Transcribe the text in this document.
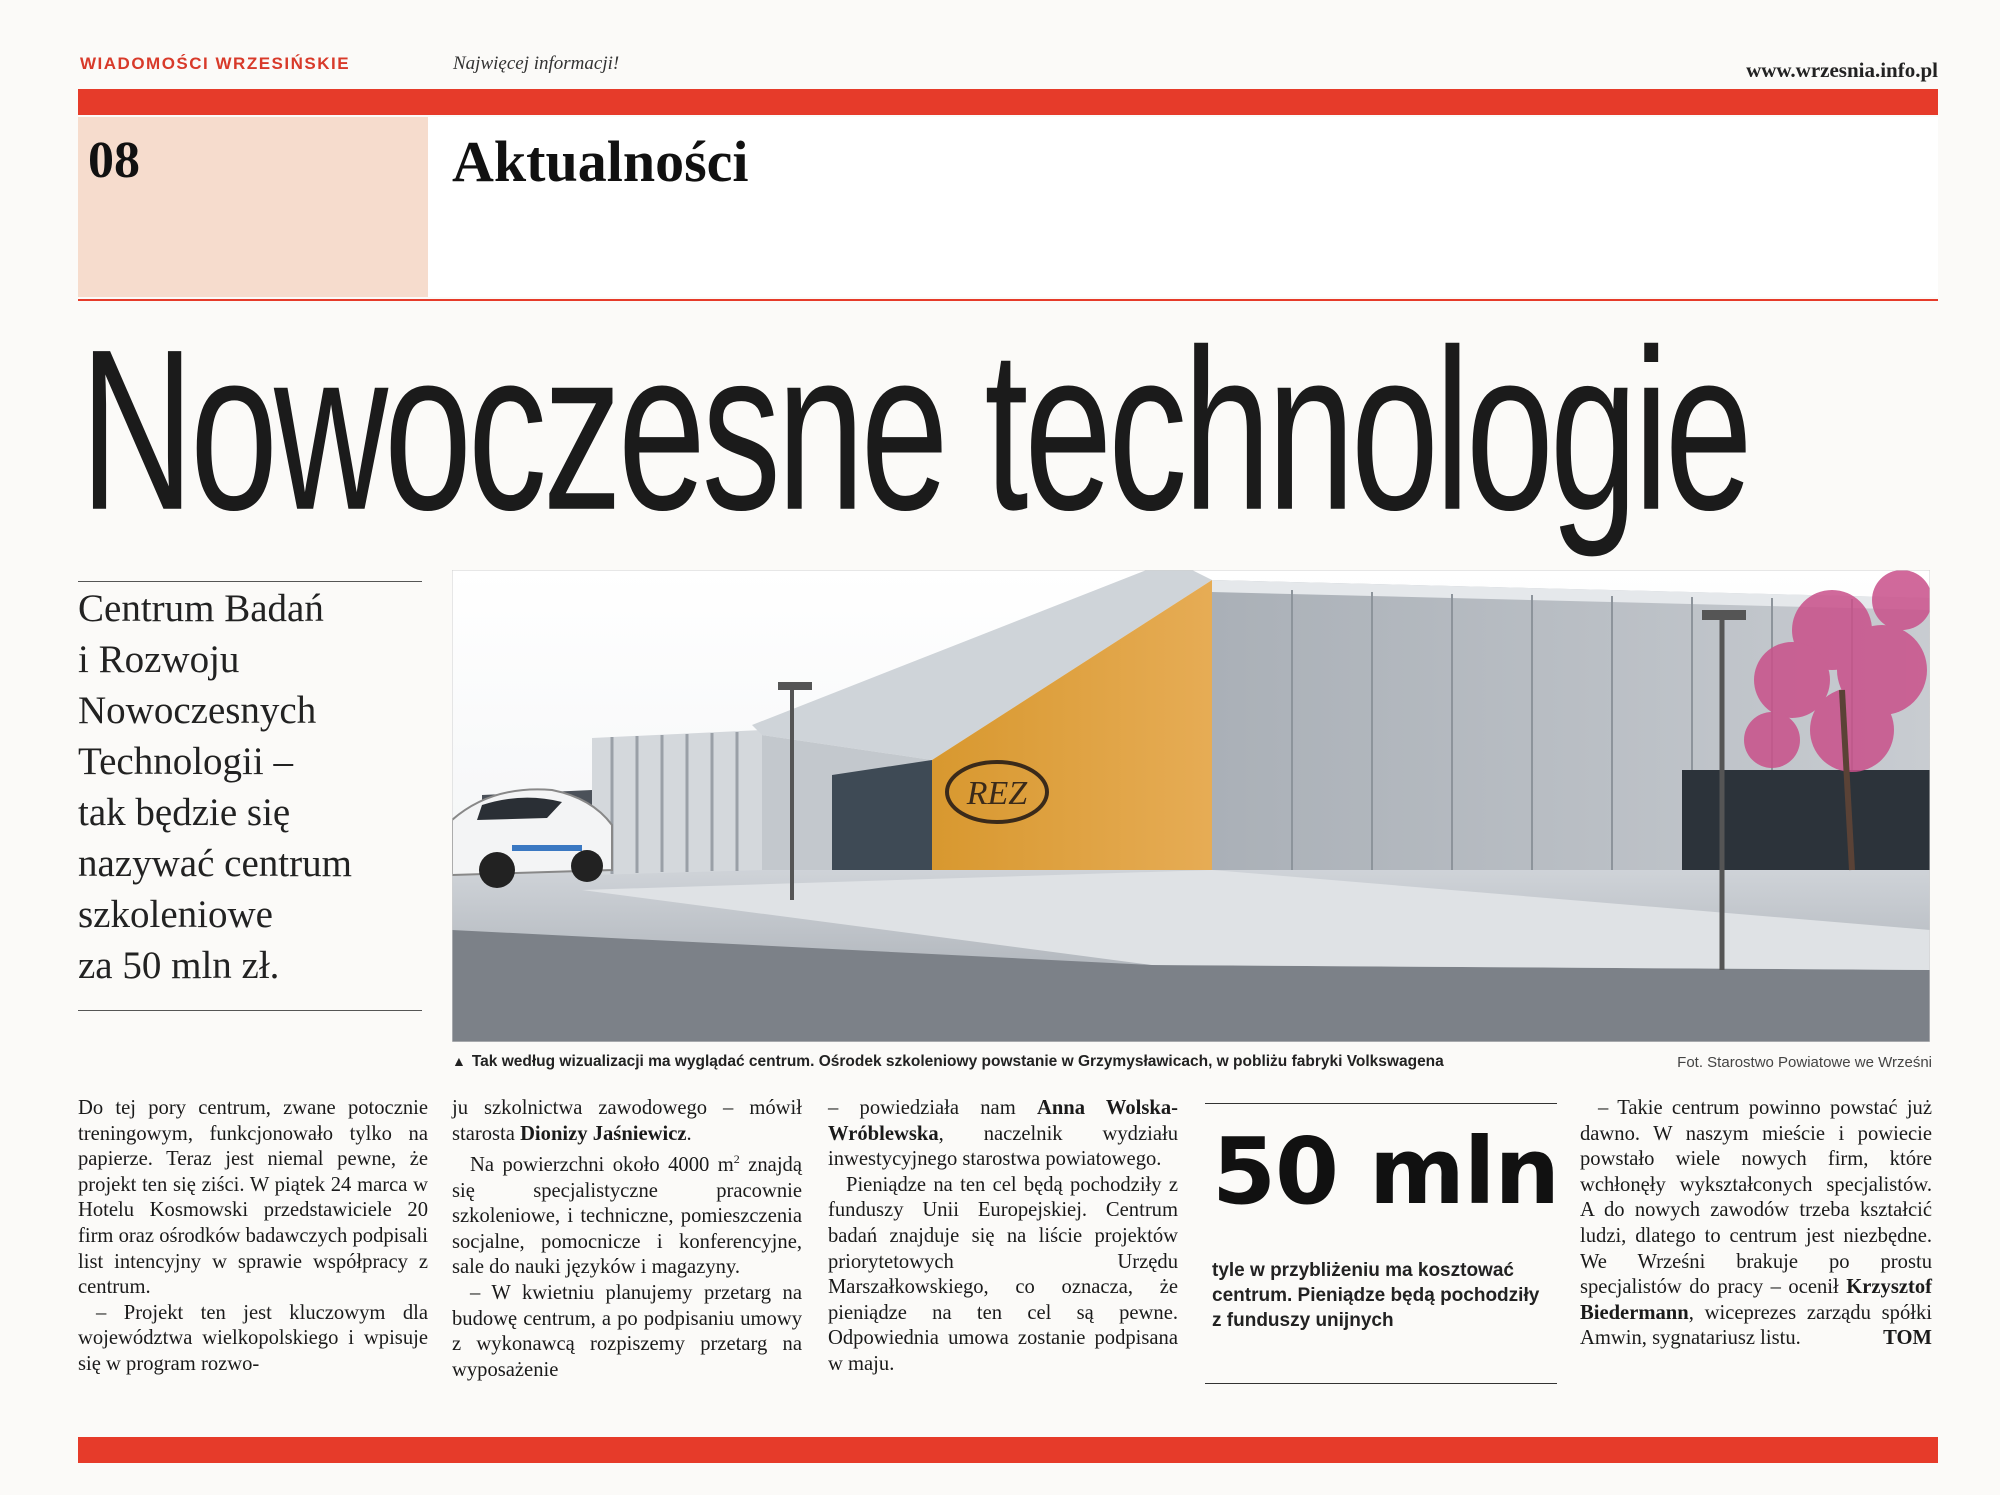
WIADOMOŚCI WRZESIŃSKIE	Najwięcej informacji!	www.wrzesnia.info.pl
08	Aktualności
Nowoczesne technologie
Centrum Badań
i Rozwoju
Nowoczesnych
Technologii –
tak będzie się
nazywać centrum
szkoleniowe
za 50 mln zł.
REZ
▲ Tak według wizualizacji ma wyglądać centrum. Ośrodek szkoleniowy powstanie w Grzymysławicach, w pobliżu fabryki Volkswagena	Fot. Starostwo Powiatowe we Wrześni

Do tej pory centrum, zwane potocznie treningowym, funkcjonowało tylko na papierze. Teraz jest niemal pewne, że projekt ten się ziści. W piątek 24 marca w Hotelu Kosmowski przedstawiciele 20 firm oraz ośrodków badawczych podpisali list intencyjny w sprawie współpracy z centrum.

– Projekt ten jest kluczowym dla województwa wielkopolskiego i wpisuje się w program rozwo-

ju szkolnictwa zawodowego – mówił starosta Dionizy Jaśniewicz.

Na powierzchni około 4000 $m^2$ znajdą się specjalistyczne pracownie szkoleniowe, i techniczne, pomieszczenia socjalne, pomocnicze i konferencyjne, sale do nauki języków i magazyny.

– W kwietniu planujemy przetarg na budowę centrum, a po podpisaniu umowy z wykonawcą rozpiszemy przetarg na wyposażenie

– powiedziała nam Anna Wolska-Wróblewska, naczelnik wydziału inwestycyjnego starostwa powiatowego.

Pieniądze na ten cel będą pochodziły z funduszy Unii Europejskiej. Centrum badań znajduje się na liście projektów priorytetowych Urzędu Marszałkowskiego, co oznacza, że pieniądze na ten cel są pewne. Odpowiednia umowa zostanie podpisana w maju.

50 mln
tyle w przybliżeniu ma kosztować centrum. Pieniądze będą pochodziły z funduszy unijnych

– Takie centrum powinno powstać już dawno. W naszym mieście i powiecie powstało wiele nowych firm, które wchłonęły wykształconych specjalistów. A do nowych zawodów trzeba kształcić ludzi, dlatego to centrum jest niezbędne. We Wrześni brakuje po prostu specjalistów do pracy – ocenił Krzysztof Biedermann, wiceprezes zarządu spółki Amwin, sygnatariusz listu.	TOM
